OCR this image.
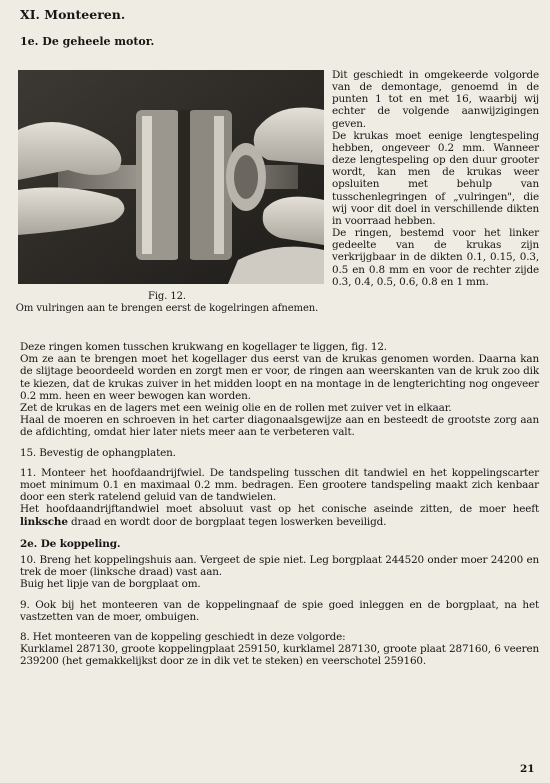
XI. Monteeren.
1e. De geheele motor.
Fig. 12.
Om vulringen aan te brengen eerst de kogelringen afnemen.

Dit geschiedt in omgekeerde volgorde van de demontage, genoemd in de punten 1 tot en met 16, waarbij wij echter de volgende aanwijzigingen geven.

De krukas moet eenige lengtespeling hebben, ongeveer 0.2 mm. Wanneer deze lengtespeling op den duur grooter wordt, kan men de krukas weer opsluiten met behulp van tusschenlegringen of „vulringen", die wij voor dit doel in verschillende dikten in voorraad hebben.

De ringen, bestemd voor het linker gedeelte van de krukas zijn verkrijgbaar in de dikten 0.1, 0.15, 0.3, 0.5 en 0.8 mm en voor de rechter zijde 0.3, 0.4, 0.5, 0.6, 0.8 en 1 mm.

Deze ringen komen tusschen krukwang en kogellager te liggen, fig. 12.

Om ze aan te brengen moet het kogellager dus eerst van de krukas genomen worden. Daarna kan de slijtage beoordeeld worden en zorgt men er voor, de ringen aan weerskanten van de kruk zoo dik te kiezen, dat de krukas zuiver in het midden loopt en na montage in de lengterichting nog ongeveer 0.2 mm. heen en weer bewogen kan worden.

Zet de krukas en de lagers met een weinig olie en de rollen met zuiver vet in elkaar.

Haal de moeren en schroeven in het carter diagonaalsgewijze aan en besteedt de grootste zorg aan de afdichting, omdat hier later niets meer aan te verbeteren valt.

15. Bevestig de ophangplaten.

11. Monteer het hoofdaandrijfwiel. De tandspeling tusschen dit tandwiel en het koppelingscarter moet minimum 0.1 en maximaal 0.2 mm. bedragen. Een grootere tandspeling maakt zich kenbaar door een sterk ratelend geluid van de tandwielen.

Het hoofdaandrijftandwiel moet absoluut vast op het conische aseinde zitten, de moer heeft linksche draad en wordt door de borgplaat tegen loswerken beveiligd.

2e. De koppeling.

10. Breng het koppelingshuis aan. Vergeet de spie niet. Leg borgplaat 244520 onder moer 24200 en trek de moer (linksche draad) vast aan.

Buig het lipje van de borgplaat om.

9. Ook bij het monteeren van de koppelingnaaf de spie goed inleggen en de borgplaat, na het vastzetten van de moer, ombuigen.

8. Het monteeren van de koppeling geschiedt in deze volgorde:

Kurklamel 287130, groote koppelingplaat 259150, kurklamel 287130, groote plaat 287160, 6 veeren 239200 (het gemakkelijkst door ze in dik vet te steken) en veerschotel 259160.

21
